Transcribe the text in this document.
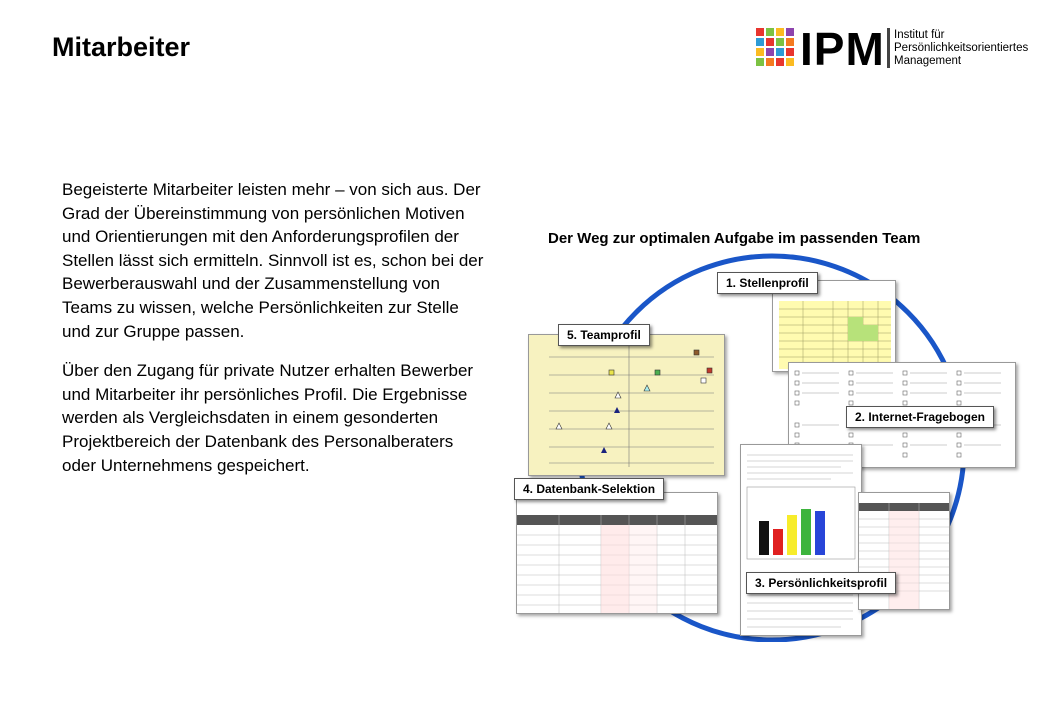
Mitarbeiter	IPM Institut für
Persönlichkeitsorientiertes
Management

Begeisterte Mitarbeiter leisten mehr – von sich aus. Der Grad der Übereinstimmung von persönlichen Motiven und Orientierungen mit den Anforderungsprofilen der Stellen lässt sich ermitteln. Sinnvoll ist es, schon bei der Bewerberauswahl und der Zusammenstellung von Teams zu wissen, welche Persönlichkeiten zur Stelle und zur Gruppe passen.

Über den Zugang für private Nutzer erhalten Bewerber und Mitarbeiter ihr persönliches Profil. Die Ergebnisse werden als Vergleichsdaten in einem gesonderten Projektbereich der Datenbank des Personalberaters oder Unternehmens gespeichert.

Der Weg zur optimalen Aufgabe im passenden Team
5. Teamprofil
1. Stellenprofil
2. Internet-Fragebogen
4. Datenbank-Selektion
3. Persönlichkeitsprofil
